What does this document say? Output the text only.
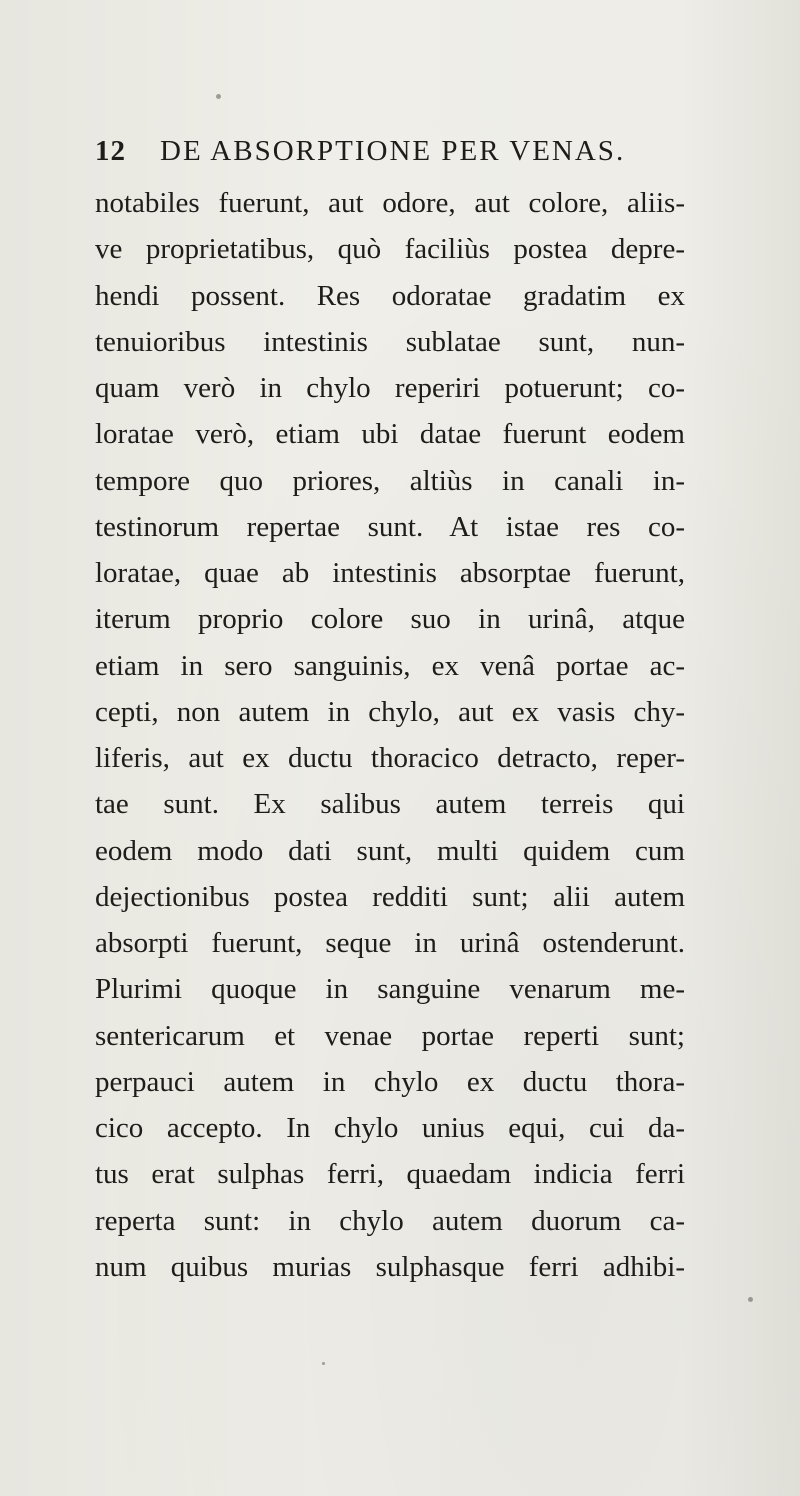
12 DE ABSORPTIONE PER VENAS.
notabiles fuerunt, aut odore, aut colore, aliis-
ve proprietatibus, quò faciliùs postea depre-
hendi possent. Res odoratae gradatim ex
tenuioribus intestinis sublatae sunt, nun-
quam verò in chylo reperiri potuerunt; co-
loratae verò, etiam ubi datae fuerunt eodem
tempore quo priores, altiùs in canali in-
testinorum repertae sunt. At istae res co-
loratae, quae ab intestinis absorptae fuerunt,
iterum proprio colore suo in urinâ, atque
etiam in sero sanguinis, ex venâ portae ac-
cepti, non autem in chylo, aut ex vasis chy-
liferis, aut ex ductu thoracico detracto, reper-
tae sunt. Ex salibus autem terreis qui
eodem modo dati sunt, multi quidem cum
dejectionibus postea redditi sunt; alii autem
absorpti fuerunt, seque in urinâ ostenderunt.
Plurimi quoque in sanguine venarum me-
sentericarum et venae portae reperti sunt;
perpauci autem in chylo ex ductu thora-
cico accepto. In chylo unius equi, cui da-
tus erat sulphas ferri, quaedam indicia ferri
reperta sunt: in chylo autem duorum ca-
num quibus murias sulphasque ferri adhibi-
